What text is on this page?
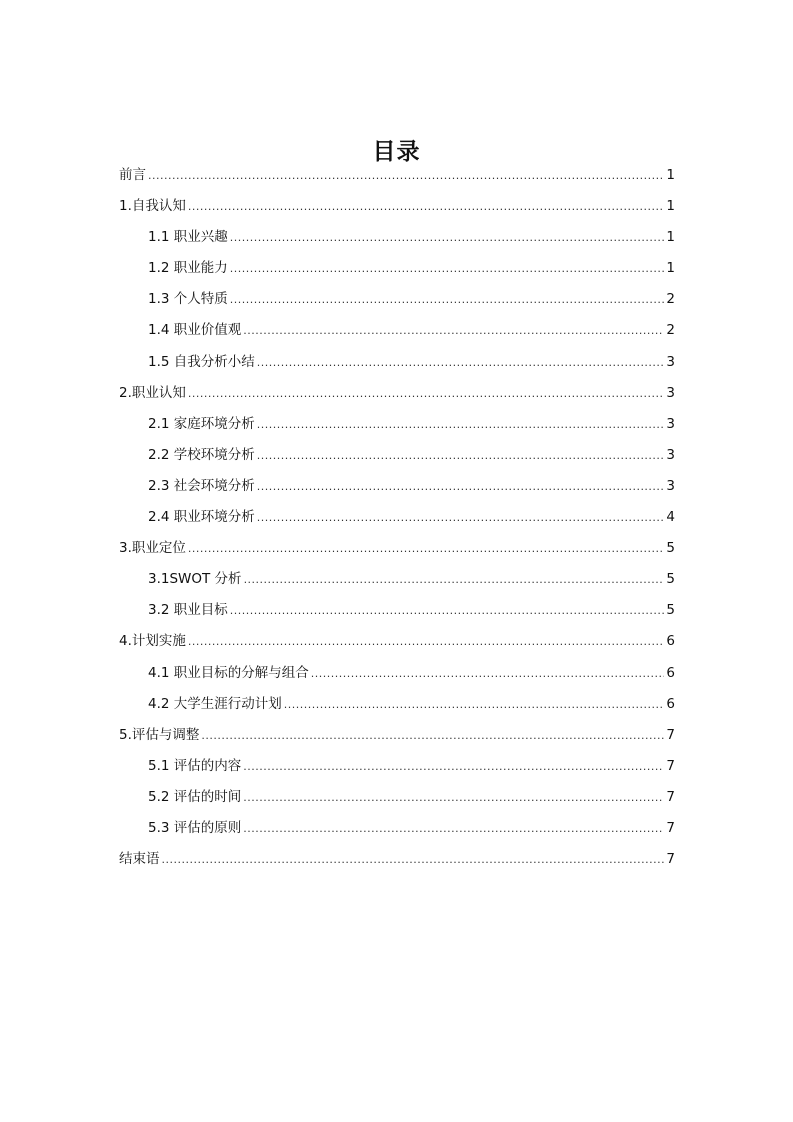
目录
前言 .....	1
1.自我认知 .....	1
1.1 职业兴趣 .....	1
1.2 职业能力 .....	1
1.3 个人特质 .....	2
1.4 职业价值观 .....	2
1.5 自我分析小结 .....	3
2.职业认知 .....	3
2.1 家庭环境分析 .....	3
2.2 学校环境分析 .....	3
2.3 社会环境分析 .....	3
2.4 职业环境分析 .....	4
3.职业定位 .....	5
3.1SWOT 分析 .....	5
3.2 职业目标 .....	5
4.计划实施 .....	6
4.1 职业目标的分解与组合 .....	6
4.2 大学生涯行动计划 .....	6
5.评估与调整 .....	7
5.1 评估的内容 .....	7
5.2 评估的时间 .....	7
5.3 评估的原则 .....	7
结束语 .....	7
